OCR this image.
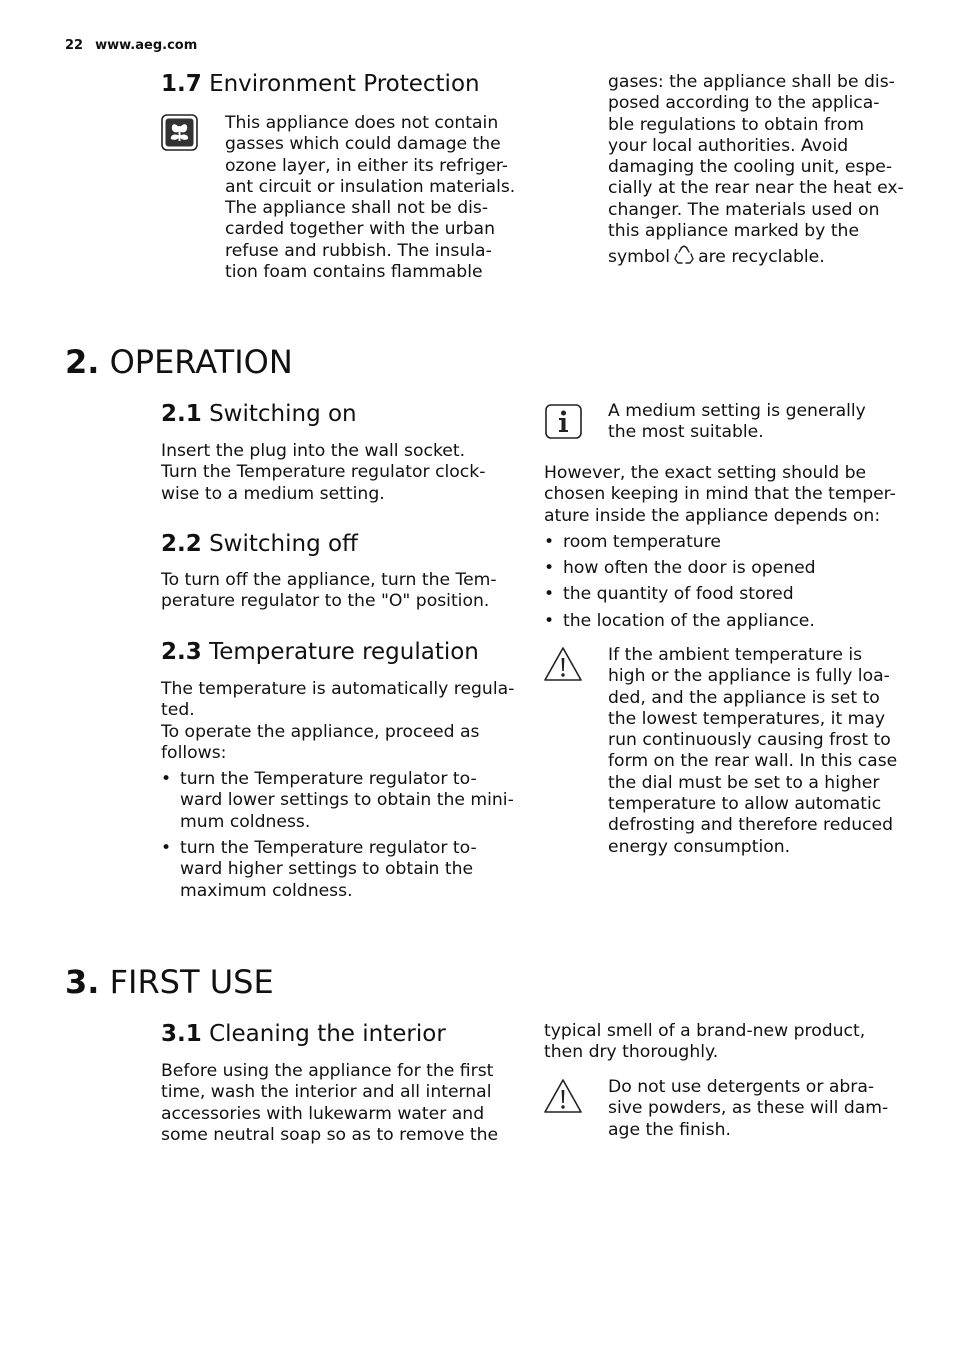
22 www.aeg.com
1.7 Environment Protection
This appliance does not contain
gasses which could damage the
ozone layer, in either its refriger-
ant circuit or insulation materials.
The appliance shall not be dis-
carded together with the urban
refuse and rubbish. The insula-
tion foam contains flammable
gases: the appliance shall be dis-
posed according to the applica-
ble regulations to obtain from
your local authorities. Avoid
damaging the cooling unit, espe-
cially at the rear near the heat ex-
changer. The materials used on
this appliance marked by the
symbol are recyclable.
2. OPERATION
2.1 Switching on
Insert the plug into the wall socket.
Turn the Temperature regulator clock-
wise to a medium setting.
2.2 Switching off
To turn off the appliance, turn the Tem-
perature regulator to the "O" position.
2.3 Temperature regulation
The temperature is automatically regula-
ted.
To operate the appliance, proceed as
follows:
• turn the Temperature regulator to-
ward lower settings to obtain the mini-
mum coldness.
• turn the Temperature regulator to-
ward higher settings to obtain the
maximum coldness.
A medium setting is generally
the most suitable.
However, the exact setting should be
chosen keeping in mind that the temper-
ature inside the appliance depends on:
• room temperature
• how often the door is opened
• the quantity of food stored
• the location of the appliance.
If the ambient temperature is
high or the appliance is fully loa-
ded, and the appliance is set to
the lowest temperatures, it may
run continuously causing frost to
form on the rear wall. In this case
the dial must be set to a higher
temperature to allow automatic
defrosting and therefore reduced
energy consumption.
3. FIRST USE
3.1 Cleaning the interior
Before using the appliance for the first
time, wash the interior and all internal
accessories with lukewarm water and
some neutral soap so as to remove the
typical smell of a brand-new product,
then dry thoroughly.
Do not use detergents or abra-
sive powders, as these will dam-
age the finish.
